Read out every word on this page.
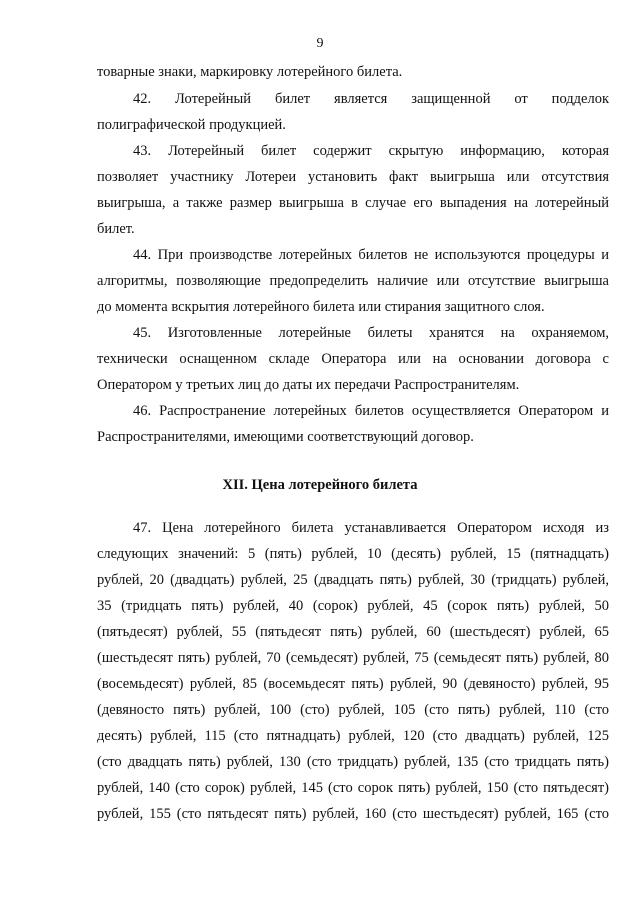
9
товарные знаки, маркировку лотерейного билета.
42. Лотерейный билет является защищенной от подделок
полиграфической продукцией.
43. Лотерейный билет содержит скрытую информацию, которая
позволяет участнику Лотереи установить факт выигрыша или отсутствия
выигрыша, а также размер выигрыша в случае его выпадения на лотерейный
билет.
44. При производстве лотерейных билетов не используются процедуры и
алгоритмы, позволяющие предопределить наличие или отсутствие выигрыша
до момента вскрытия лотерейного билета или стирания защитного слоя.
45. Изготовленные лотерейные билеты хранятся на охраняемом,
технически оснащенном складе Оператора или на основании договора с
Оператором у третьих лиц до даты их передачи Распространителям.
46. Распространение лотерейных билетов осуществляется Оператором и
Распространителями, имеющими соответствующий договор.
XII. Цена лотерейного билета
47. Цена лотерейного билета устанавливается Оператором исходя из
следующих значений: 5 (пять) рублей, 10 (десять) рублей, 15 (пятнадцать)
рублей, 20 (двадцать) рублей, 25 (двадцать пять) рублей, 30 (тридцать) рублей,
35 (тридцать пять) рублей, 40 (сорок) рублей, 45 (сорок пять) рублей, 50
(пятьдесят) рублей, 55 (пятьдесят пять) рублей, 60 (шестьдесят) рублей, 65
(шестьдесят пять) рублей, 70 (семьдесят) рублей, 75 (семьдесят пять) рублей, 80
(восемьдесят) рублей, 85 (восемьдесят пять) рублей, 90 (девяносто) рублей, 95
(девяносто пять) рублей, 100 (сто) рублей, 105 (сто пять) рублей, 110 (сто
десять) рублей, 115 (сто пятнадцать) рублей, 120 (сто двадцать) рублей, 125
(сто двадцать пять) рублей, 130 (сто тридцать) рублей, 135 (сто тридцать пять)
рублей, 140 (сто сорок) рублей, 145 (сто сорок пять) рублей, 150 (сто пятьдесят)
рублей, 155 (сто пятьдесят пять) рублей, 160 (сто шестьдесят) рублей, 165 (сто
